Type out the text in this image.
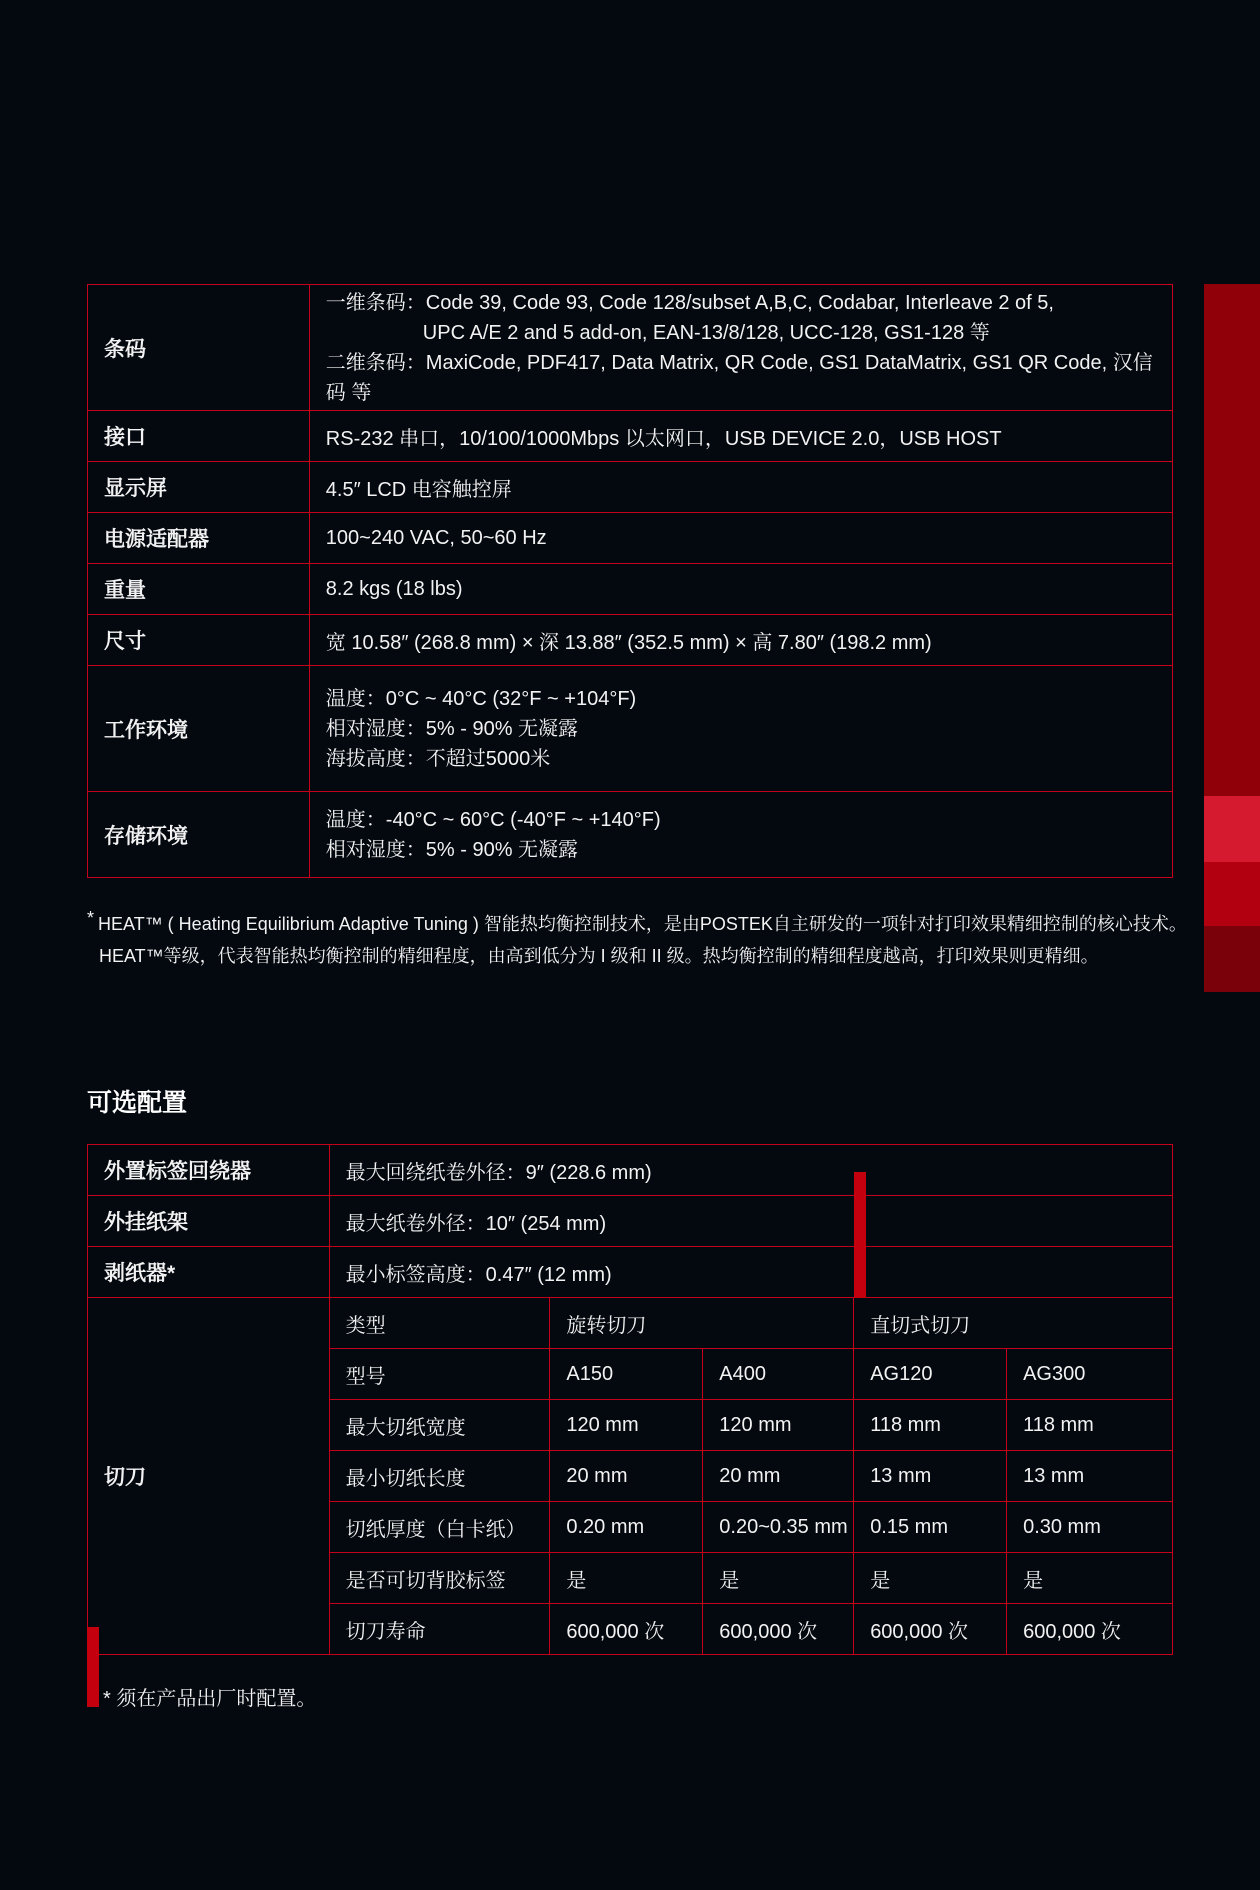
条码	一维条码：Code 39, Code 93, Code 128/subset A,B,C, Codabar, Interleave 2 of 5,
UPC A/E 2 and 5 add-on, EAN-13/8/128, UCC-128, GS1-128 等
二维条码：MaxiCode, PDF417, Data Matrix, QR Code, GS1 DataMatrix, GS1 QR Code, 汉信码 等

接口	RS-232 串口，10/100/1000Mbps 以太网口，USB DEVICE 2.0，USB HOST
显示屏	4.5″ LCD 电容触控屏
电源适配器	100~240 VAC, 50~60 Hz
重量	8.2 kgs (18 lbs)
尺寸	宽 10.58″ (268.8 mm) × 深 13.88″ (352.5 mm) × 高 7.80″ (198.2 mm)
工作环境	温度：0°C ~ 40°C (32°F ~ +104°F)
相对湿度：5% - 90% 无凝露
海拔高度：不超过5000米

存储环境	温度：-40°C ~ 60°C (-40°F ~ +140°F)
相对湿度：5% - 90% 无凝露
* HEAT™ ( Heating Equilibrium Adaptive Tuning ) 智能热均衡控制技术，是由POSTEK自主研发的一项针对打印效果精细控制的核心技术。
HEAT™等级，代表智能热均衡控制的精细程度，由高到低分为 I 级和 II 级。热均衡控制的精细程度越高，打印效果则更精细。
可选配置
外置标签回绕器	最大回绕纸卷外径：9″ (228.6 mm)				
外挂纸架	最大纸卷外径：10″ (254 mm)				
剥纸器*	最小标签高度：0.47″ (12 mm)				
切刀	类型	旋转切刀		直切式切刀	
	型号	A150	A400	AG120	AG300
	最大切纸宽度	120 mm	120 mm	118 mm	118 mm
	最小切纸长度	20 mm	20 mm	13 mm	13 mm
	切纸厚度（白卡纸）	0.20 mm	0.20~0.35 mm	0.15 mm	0.30 mm
	是否可切背胶标签	是	是	是	是
	切刀寿命	600,000 次	600,000 次	600,000 次	600,000 次
* 须在产品出厂时配置。
